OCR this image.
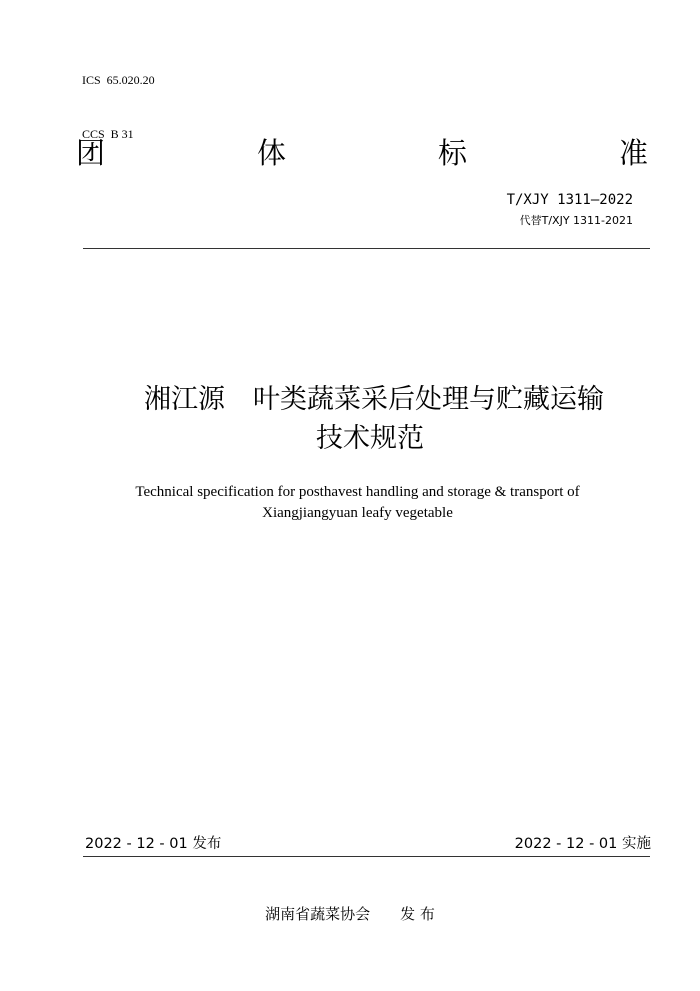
ICS  65.020.20

CCS  B 31

团	体	标	准
T/XJY 1311—2022
代替T/XJY 1311-2021
湘江源 叶类蔬菜采后处理与贮藏运输
技术规范
Technical specification for posthavest handling and storage & transport of
Xiangjiangyuan leafy vegetable
2022 - 12 - 01 发布	2022 - 12 - 01 实施
湖南省蔬菜协会 发 布
